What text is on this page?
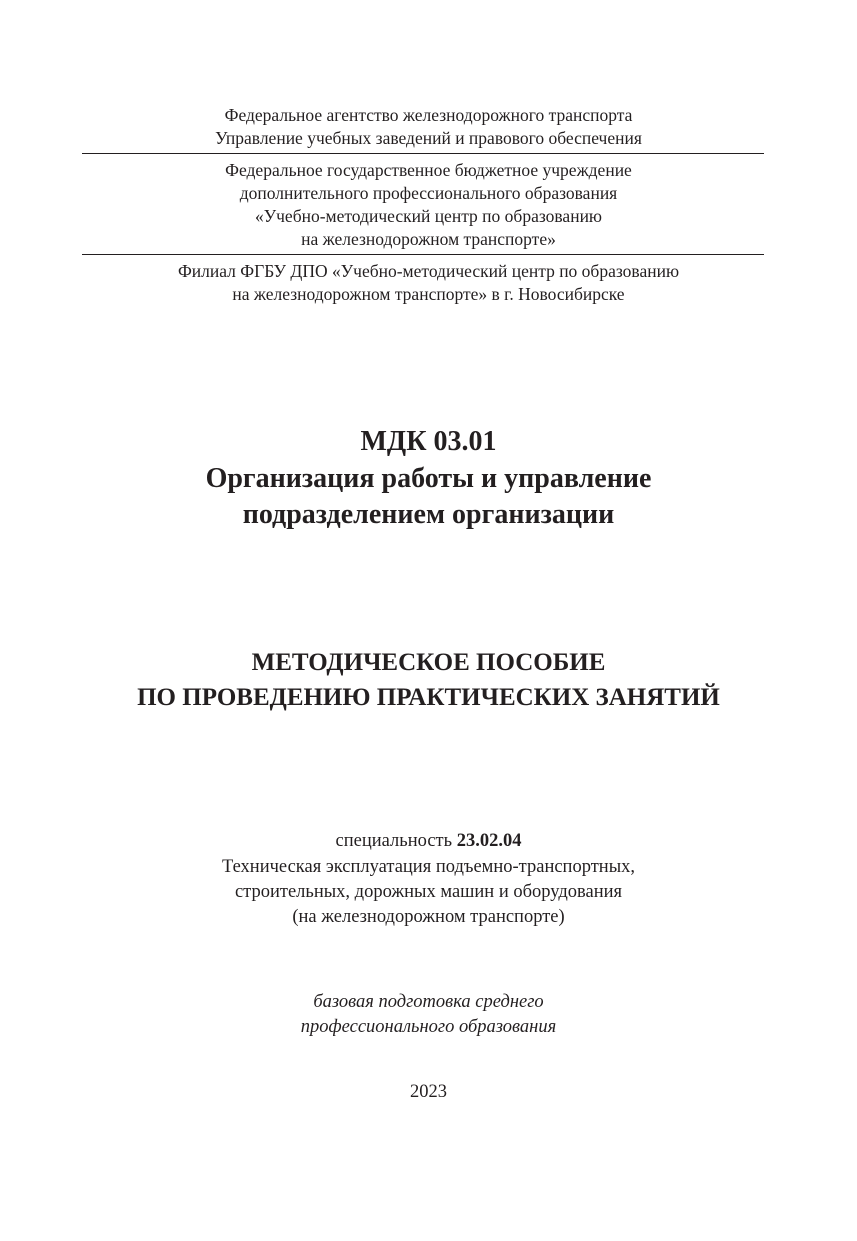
Федеральное агентство железнодорожного транспорта
Управление учебных заведений и правового обеспечения
Федеральное государственное бюджетное учреждение
дополнительного профессионального образования
«Учебно-методический центр по образованию
на железнодорожном транспорте»
Филиал ФГБУ ДПО «Учебно-методический центр по образованию
на железнодорожном транспорте» в г. Новосибирске
МДК 03.01
Организация работы и управление
подразделением организации
МЕТОДИЧЕСКОЕ ПОСОБИЕ
ПО ПРОВЕДЕНИЮ ПРАКТИЧЕСКИХ ЗАНЯТИЙ
специальность 23.02.04
Техническая эксплуатация подъемно-транспортных,
строительных, дорожных машин и оборудования
(на железнодорожном транспорте)
базовая подготовка среднего
профессионального образования
2023
